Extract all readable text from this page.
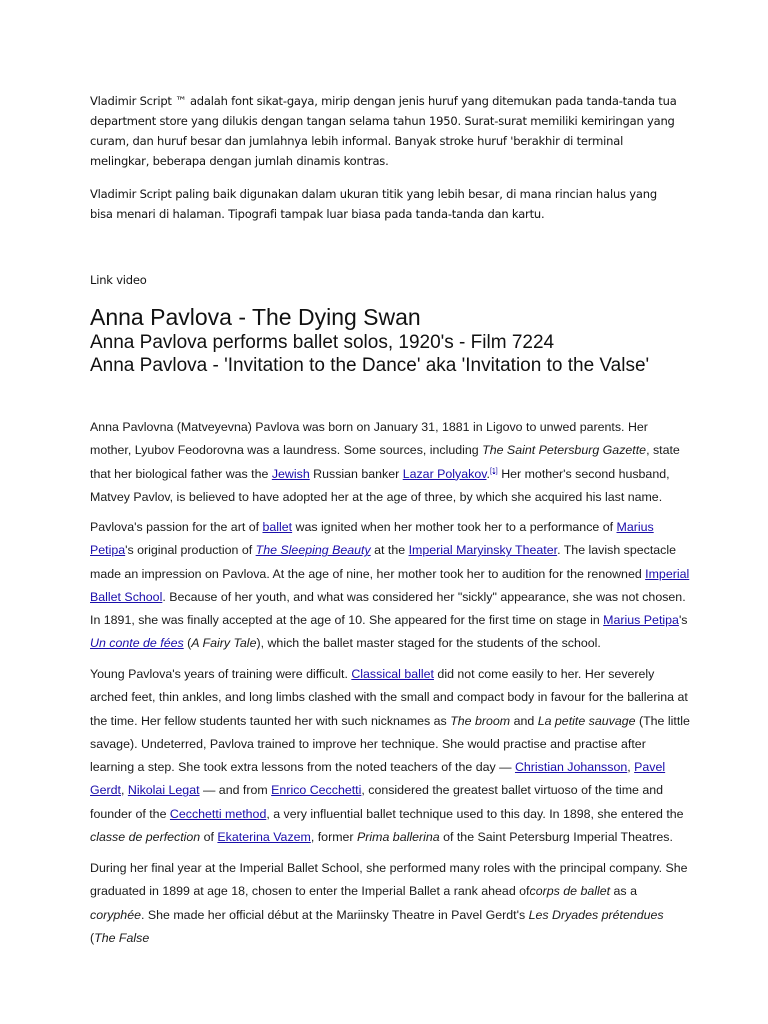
Vladimir Script ™ adalah font sikat-gaya, mirip dengan jenis huruf yang ditemukan pada tanda-tanda tua department store yang dilukis dengan tangan selama tahun 1950. Surat-surat memiliki kemiringan yang curam, dan huruf besar dan jumlahnya lebih informal. Banyak stroke huruf 'berakhir di terminal melingkar, beberapa dengan jumlah dinamis kontras.

Vladimir Script paling baik digunakan dalam ukuran titik yang lebih besar, di mana rincian halus yang bisa menari di halaman. Tipografi tampak luar biasa pada tanda-tanda dan kartu.

Link video
Anna Pavlova - The Dying Swan
Anna Pavlova performs ballet solos, 1920's - Film 7224
Anna Pavlova - 'Invitation to the Dance' aka 'Invitation to the Valse'

Anna Pavlovna (Matveyevna) Pavlova was born on January 31, 1881 in Ligovo to unwed parents. Her mother, Lyubov Feodorovna was a laundress. Some sources, including The Saint Petersburg Gazette, state that her biological father was the Jewish Russian banker Lazar Polyakov.[1] Her mother's second husband, Matvey Pavlov, is believed to have adopted her at the age of three, by which she acquired his last name.

Pavlova's passion for the art of ballet was ignited when her mother took her to a performance of Marius Petipa's original production of The Sleeping Beauty at the Imperial Maryinsky Theater. The lavish spectacle made an impression on Pavlova. At the age of nine, her mother took her to audition for the renowned Imperial Ballet School. Because of her youth, and what was considered her "sickly" appearance, she was not chosen. In 1891, she was finally accepted at the age of 10. She appeared for the first time on stage in Marius Petipa's Un conte de fées (A Fairy Tale), which the ballet master staged for the students of the school.

Young Pavlova's years of training were difficult. Classical ballet did not come easily to her. Her severely arched feet, thin ankles, and long limbs clashed with the small and compact body in favour for the ballerina at the time. Her fellow students taunted her with such nicknames as The broom and La petite sauvage (The little savage). Undeterred, Pavlova trained to improve her technique. She would practise and practise after learning a step. She took extra lessons from the noted teachers of the day — Christian Johansson, Pavel Gerdt, Nikolai Legat — and from Enrico Cecchetti, considered the greatest ballet virtuoso of the time and founder of the Cecchetti method, a very influential ballet technique used to this day. In 1898, she entered the classe de perfection of Ekaterina Vazem, former Prima ballerina of the Saint Petersburg Imperial Theatres.

During her final year at the Imperial Ballet School, she performed many roles with the principal company. She graduated in 1899 at age 18, chosen to enter the Imperial Ballet a rank ahead ofcorps de ballet as a coryphée. She made her official début at the Mariinsky Theatre in Pavel Gerdt's Les Dryades prétendues (The False
